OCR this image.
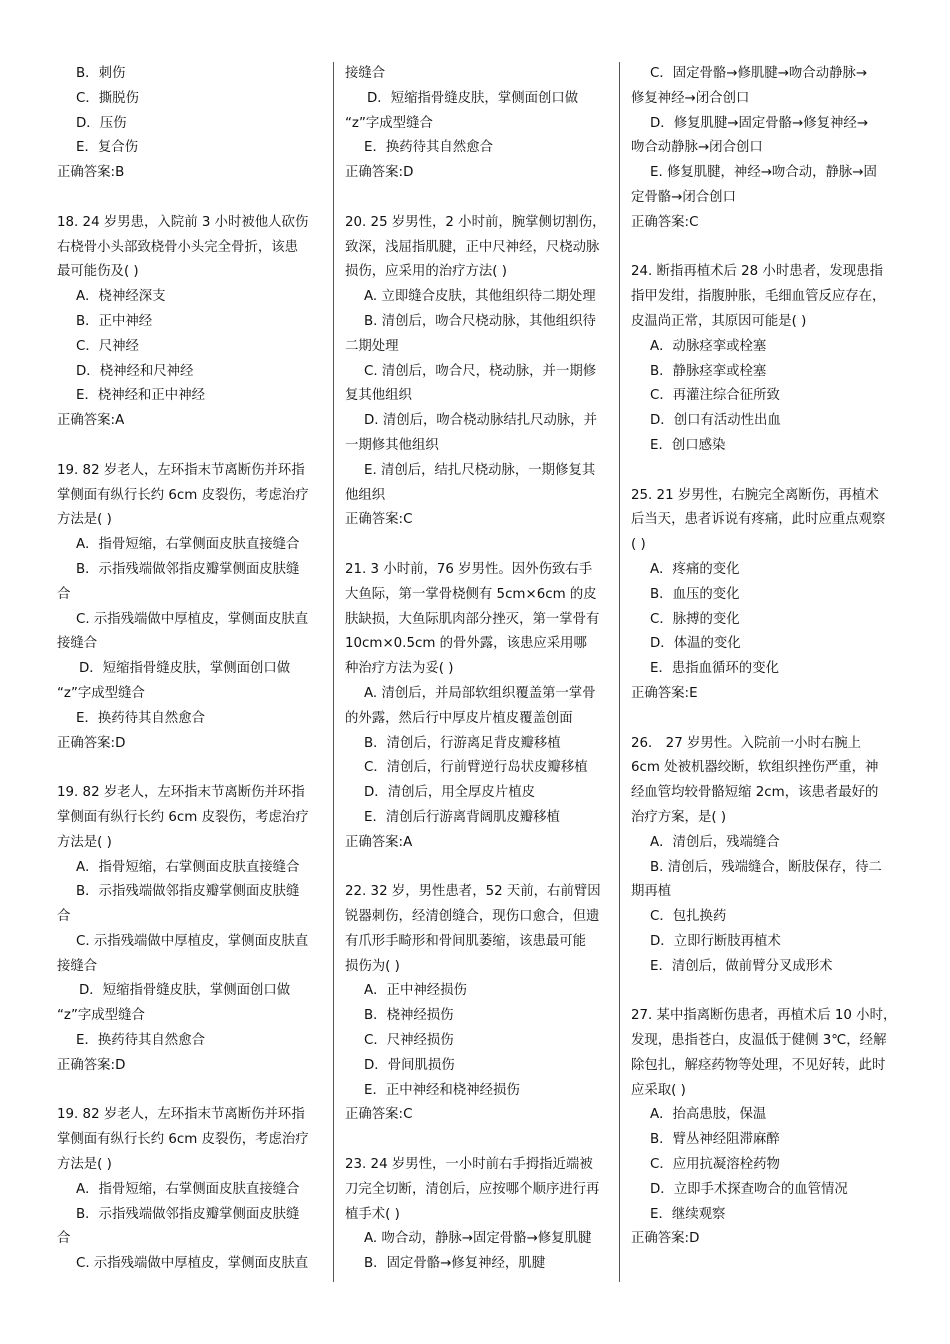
B．刺伤
C．撕脱伤
D．压伤
E．复合伤
正确答案:B
18. 24 岁男患，入院前 3 小时被他人砍伤
右桡骨小头部致桡骨小头完全骨折，该患
最可能伤及( )
A．桡神经深支
B．正中神经
C．尺神经
D．桡神经和尺神经
E．桡神经和正中神经
正确答案:A
19. 82 岁老人，左环指末节离断伤并环指
掌侧面有纵行长约 6cm 皮裂伤，考虑治疗
方法是( )
A．指骨短缩，右掌侧面皮肤直接缝合
B．示指残端做邻指皮瓣掌侧面皮肤缝
合
C. 示指残端做中厚植皮，掌侧面皮肤直
接缝合
D．短缩指骨缝皮肤，掌侧面创口做
“z”字成型缝合
E．换药待其自然愈合
正确答案:D
19. 82 岁老人，左环指末节离断伤并环指
掌侧面有纵行长约 6cm 皮裂伤，考虑治疗
方法是( )
A．指骨短缩，右掌侧面皮肤直接缝合
B．示指残端做邻指皮瓣掌侧面皮肤缝
合
C. 示指残端做中厚植皮，掌侧面皮肤直
接缝合
D．短缩指骨缝皮肤，掌侧面创口做
“z”字成型缝合
E．换药待其自然愈合
正确答案:D
19. 82 岁老人，左环指末节离断伤并环指
掌侧面有纵行长约 6cm 皮裂伤，考虑治疗
方法是( )
A．指骨短缩，右掌侧面皮肤直接缝合
B．示指残端做邻指皮瓣掌侧面皮肤缝
合
C. 示指残端做中厚植皮，掌侧面皮肤直
接缝合
D．短缩指骨缝皮肤，掌侧面创口做
“z”字成型缝合
E．换药待其自然愈合
正确答案:D
20. 25 岁男性，2 小时前，腕掌侧切割伤，
致深，浅屈指肌腱，正中尺神经，尺桡动脉
损伤，应采用的治疗方法( )
A. 立即缝合皮肤，其他组织待二期处理
B. 清创后，吻合尺桡动脉，其他组织待
二期处理
C. 清创后，吻合尺，桡动脉，并一期修
复其他组织
D. 清创后，吻合桡动脉结扎尺动脉，并
一期修其他组织
E. 清创后，结扎尺桡动脉，一期修复其
他组织
正确答案:C
21. 3 小时前，76 岁男性。因外伤致右手
大鱼际，第一掌骨桡侧有 5cm×6cm 的皮
肤缺损，大鱼际肌肉部分挫灭，第一掌骨有
10cm×0.5cm 的骨外露，该患应采用哪
种治疗方法为妥( )
A. 清创后，并局部软组织覆盖第一掌骨
的外露，然后行中厚皮片植皮覆盖创面
B．清创后，行游离足背皮瓣移植
C．清创后，行前臂逆行岛状皮瓣移植
D．清创后，用全厚皮片植皮
E．清创后行游离背阔肌皮瓣移植
正确答案:A
22. 32 岁，男性患者，52 天前，右前臂因
锐器刺伤，经清创缝合，现伤口愈合，但遗
有爪形手畸形和骨间肌萎缩，该患最可能
损伤为( )
A．正中神经损伤
B．桡神经损伤
C．尺神经损伤
D．骨间肌损伤
E．正中神经和桡神经损伤
正确答案:C
23. 24 岁男性，一小时前右手拇指近端被
刀完全切断，清创后，应按哪个顺序进行再
植手术( )
A. 吻合动，静脉→固定骨骼→修复肌腱
B．固定骨骼→修复神经，肌腱
C．固定骨骼→修肌腱→吻合动静脉→
修复神经→闭合创口
D．修复肌腱→固定骨骼→修复神经→
吻合动静脉→闭合创口
E. 修复肌腱，神经→吻合动，静脉→固
定骨骼→闭合创口
正确答案:C
24. 断指再植术后 28 小时患者，发现患指
指甲发绀，指腹肿胀，毛细血管反应存在，
皮温尚正常，其原因可能是( )
A．动脉痉挛或栓塞
B．静脉痉挛或栓塞
C．再灌注综合征所致
D．创口有活动性出血
E．创口感染
25. 21 岁男性，右腕完全离断伤，再植术
后当天，患者诉说有疼痛，此时应重点观察
( )
A．疼痛的变化
B．血压的变化
C．脉搏的变化
D．体温的变化
E．患指血循环的变化
正确答案:E
26． 27 岁男性。入院前一小时右腕上
6cm 处被机器绞断，软组织挫伤严重，神
经血管均较骨骼短缩 2cm，该患者最好的
治疗方案，是( )
A．清创后，残端缝合
B. 清创后，残端缝合，断肢保存，待二
期再植
C．包扎换药
D．立即行断肢再植术
E．清创后，做前臂分叉成形术
27. 某中指离断伤患者，再植术后 10 小时，
发现，患指苍白，皮温低于健侧 3℃，经解
除包扎，解痉药物等处理，不见好转，此时
应采取( )
A．抬高患肢，保温
B．臂丛神经阻滞麻醉
C．应用抗凝溶栓药物
D．立即手术探查吻合的血管情况
E．继续观察
正确答案:D
